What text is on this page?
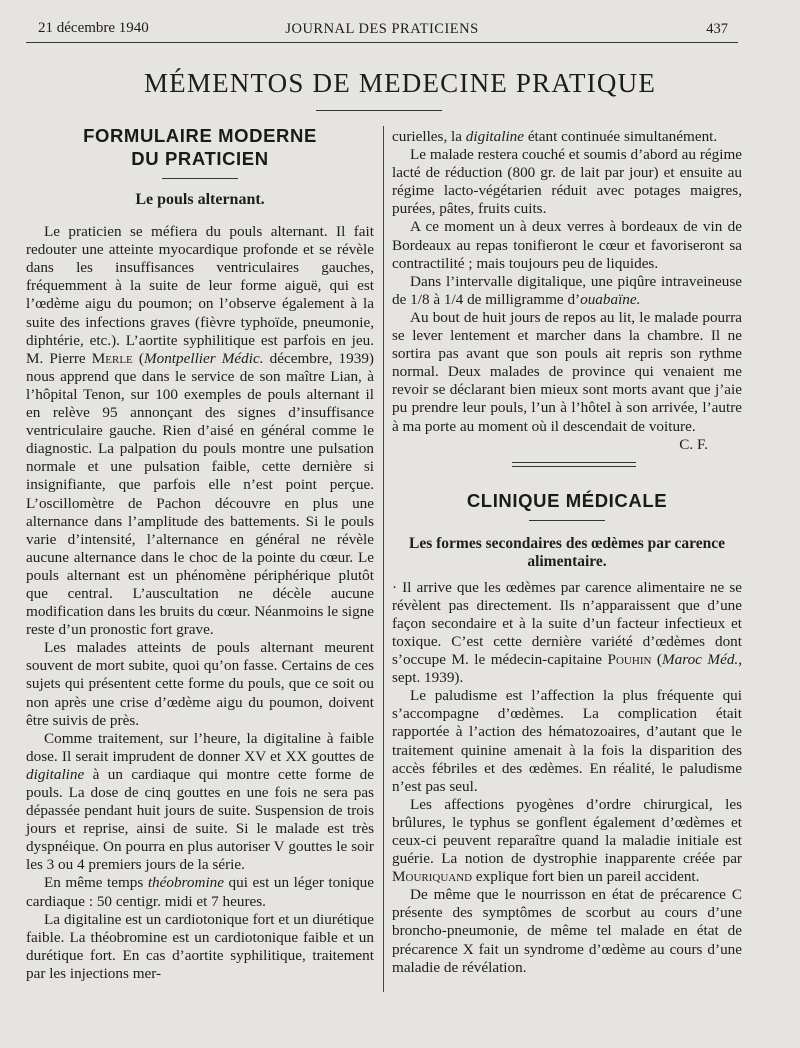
21 décembre 1940	JOURNAL DES PRATICIENS	437
MÉMENTOS DE MEDECINE PRATIQUE
FORMULAIRE MODERNE
DU PRATICIEN
Le pouls alternant.

Le praticien se méfiera du pouls alternant. Il fait redouter une atteinte myocardique profonde et se révèle dans les insuffisances ventriculaires gauches, fréquemment à la suite de leur forme aiguë, qui est l’œdème aigu du poumon; on l’observe également à la suite des infections graves (fièvre typhoïde, pneumonie, diphtérie, etc.). L’aortite syphilitique est parfois en jeu. M. Pierre Merle (Montpellier Médic. décembre, 1939) nous apprend que dans le service de son maître Lian, à l’hôpital Tenon, sur 100 exemples de pouls alternant il en relève 95 annonçant des signes d’insuffisance ventriculaire gauche. Rien d’aisé en général comme le diagnostic. La palpation du pouls montre une pulsation normale et une pulsation faible, cette dernière si insignifiante, que parfois elle n’est point perçue. L’oscillomètre de Pachon découvre en plus une alternance dans l’amplitude des battements. Si le pouls varie d’intensité, l’alternance en général ne révèle aucune alternance dans le choc de la pointe du cœur. Le pouls alternant est un phénomène périphérique plutôt que central. L’auscultation ne décèle aucune modification dans les bruits du cœur. Néanmoins le signe reste d’un pronostic fort grave.

Les malades atteints de pouls alternant meurent souvent de mort subite, quoi qu’on fasse. Certains de ces sujets qui présentent cette forme du pouls, que ce soit ou non après une crise d’œdème aigu du poumon, doivent être suivis de près.

Comme traitement, sur l’heure, la digitaline à faible dose. Il serait imprudent de donner XV et XX gouttes de digitaline à un cardiaque qui montre cette forme de pouls. La dose de cinq gouttes en une fois ne sera pas dépassée pendant huit jours de suite. Suspension de trois jours et reprise, ainsi de suite. Si le malade est très dyspnéique. On pourra en plus autoriser V gouttes le soir les 3 ou 4 premiers jours de la série.

En même temps théobromine qui est un léger tonique cardiaque : 50 centigr. midi et 7 heures.

La digitaline est un cardiotonique fort et un diurétique faible. La théobromine est un cardiotonique faible et un durétique fort. En cas d’aortite syphilitique, traitement par les injections mer-

curielles, la digitaline étant continuée simultanément.

Le malade restera couché et soumis d’abord au régime lacté de réduction (800 gr. de lait par jour) et ensuite au régime lacto-végétarien réduit avec potages maigres, purées, pâtes, fruits cuits.

A ce moment un à deux verres à bordeaux de vin de Bordeaux au repas tonifieront le cœur et favoriseront sa contractilité ; mais toujours peu de liquides.

Dans l’intervalle digitalique, une piqûre intraveineuse de 1/8 à 1/4 de milligramme d’ouabaïne.

Au bout de huit jours de repos au lit, le malade pourra se lever lentement et marcher dans la chambre. Il ne sortira pas avant que son pouls ait repris son rythme normal. Deux malades de province qui venaient me revoir se déclarant bien mieux sont morts avant que j’aie pu prendre leur pouls, l’un à l’hôtel à son arrivée, l’autre à ma porte au moment où il descendait de voiture.

C. F.

CLINIQUE MÉDICALE
Les formes secondaires des œdèmes par carence alimentaire.

· Il arrive que les œdèmes par carence alimentaire ne se révèlent pas directement. Ils n’apparaissent que d’une façon secondaire et à la suite d’un facteur infectieux et toxique. C’est cette dernière variété d’œdèmes dont s’occupe M. le médecin-capitaine Pouhin (Maroc Méd., sept. 1939).

Le paludisme est l’affection la plus fréquente qui s’accompagne d’œdèmes. La complication était rapportée à l’action des hématozoaires, d’autant que le traitement quinine amenait à la fois la disparition des accès fébriles et des œdèmes. En réalité, le paludisme n’est pas seul.

Les affections pyogènes d’ordre chirurgical, les brûlures, le typhus se gonflent également d’œdèmes et ceux-ci peuvent reparaître quand la maladie initiale est guérie. La notion de dystrophie inapparente créée par Mouriquand explique fort bien un pareil accident.

De même que le nourrisson en état de précarence C présente des symptômes de scorbut au cours d’une broncho-pneumonie, de même tel malade en état de précarence X fait un syndrome d’œdème au cours d’une maladie de révélation.
